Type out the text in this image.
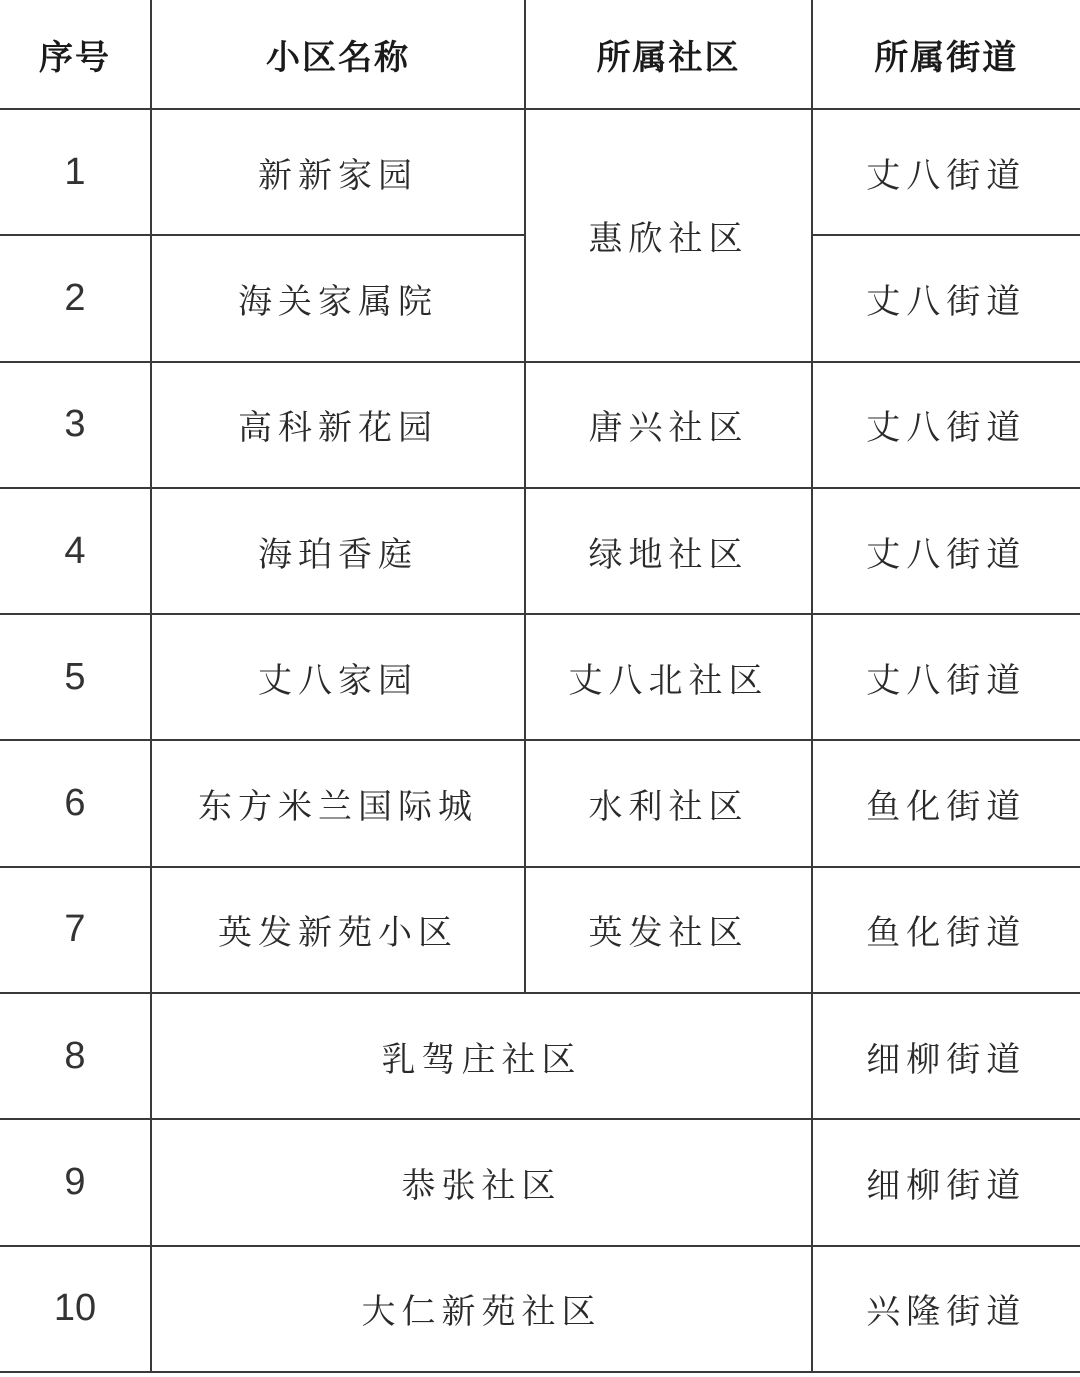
序号	小区名称	所属社区	所属街道
1	新新家园	惠欣社区	丈八街道
2	海关家属院		丈八街道
3	高科新花园	唐兴社区	丈八街道
4	海珀香庭	绿地社区	丈八街道
5	丈八家园	丈八北社区	丈八街道
6	东方米兰国际城	水利社区	鱼化街道
7	英发新苑小区	英发社区	鱼化街道
8	乳驾庄社区		细柳街道
9	恭张社区		细柳街道
10	大仁新苑社区		兴隆街道
